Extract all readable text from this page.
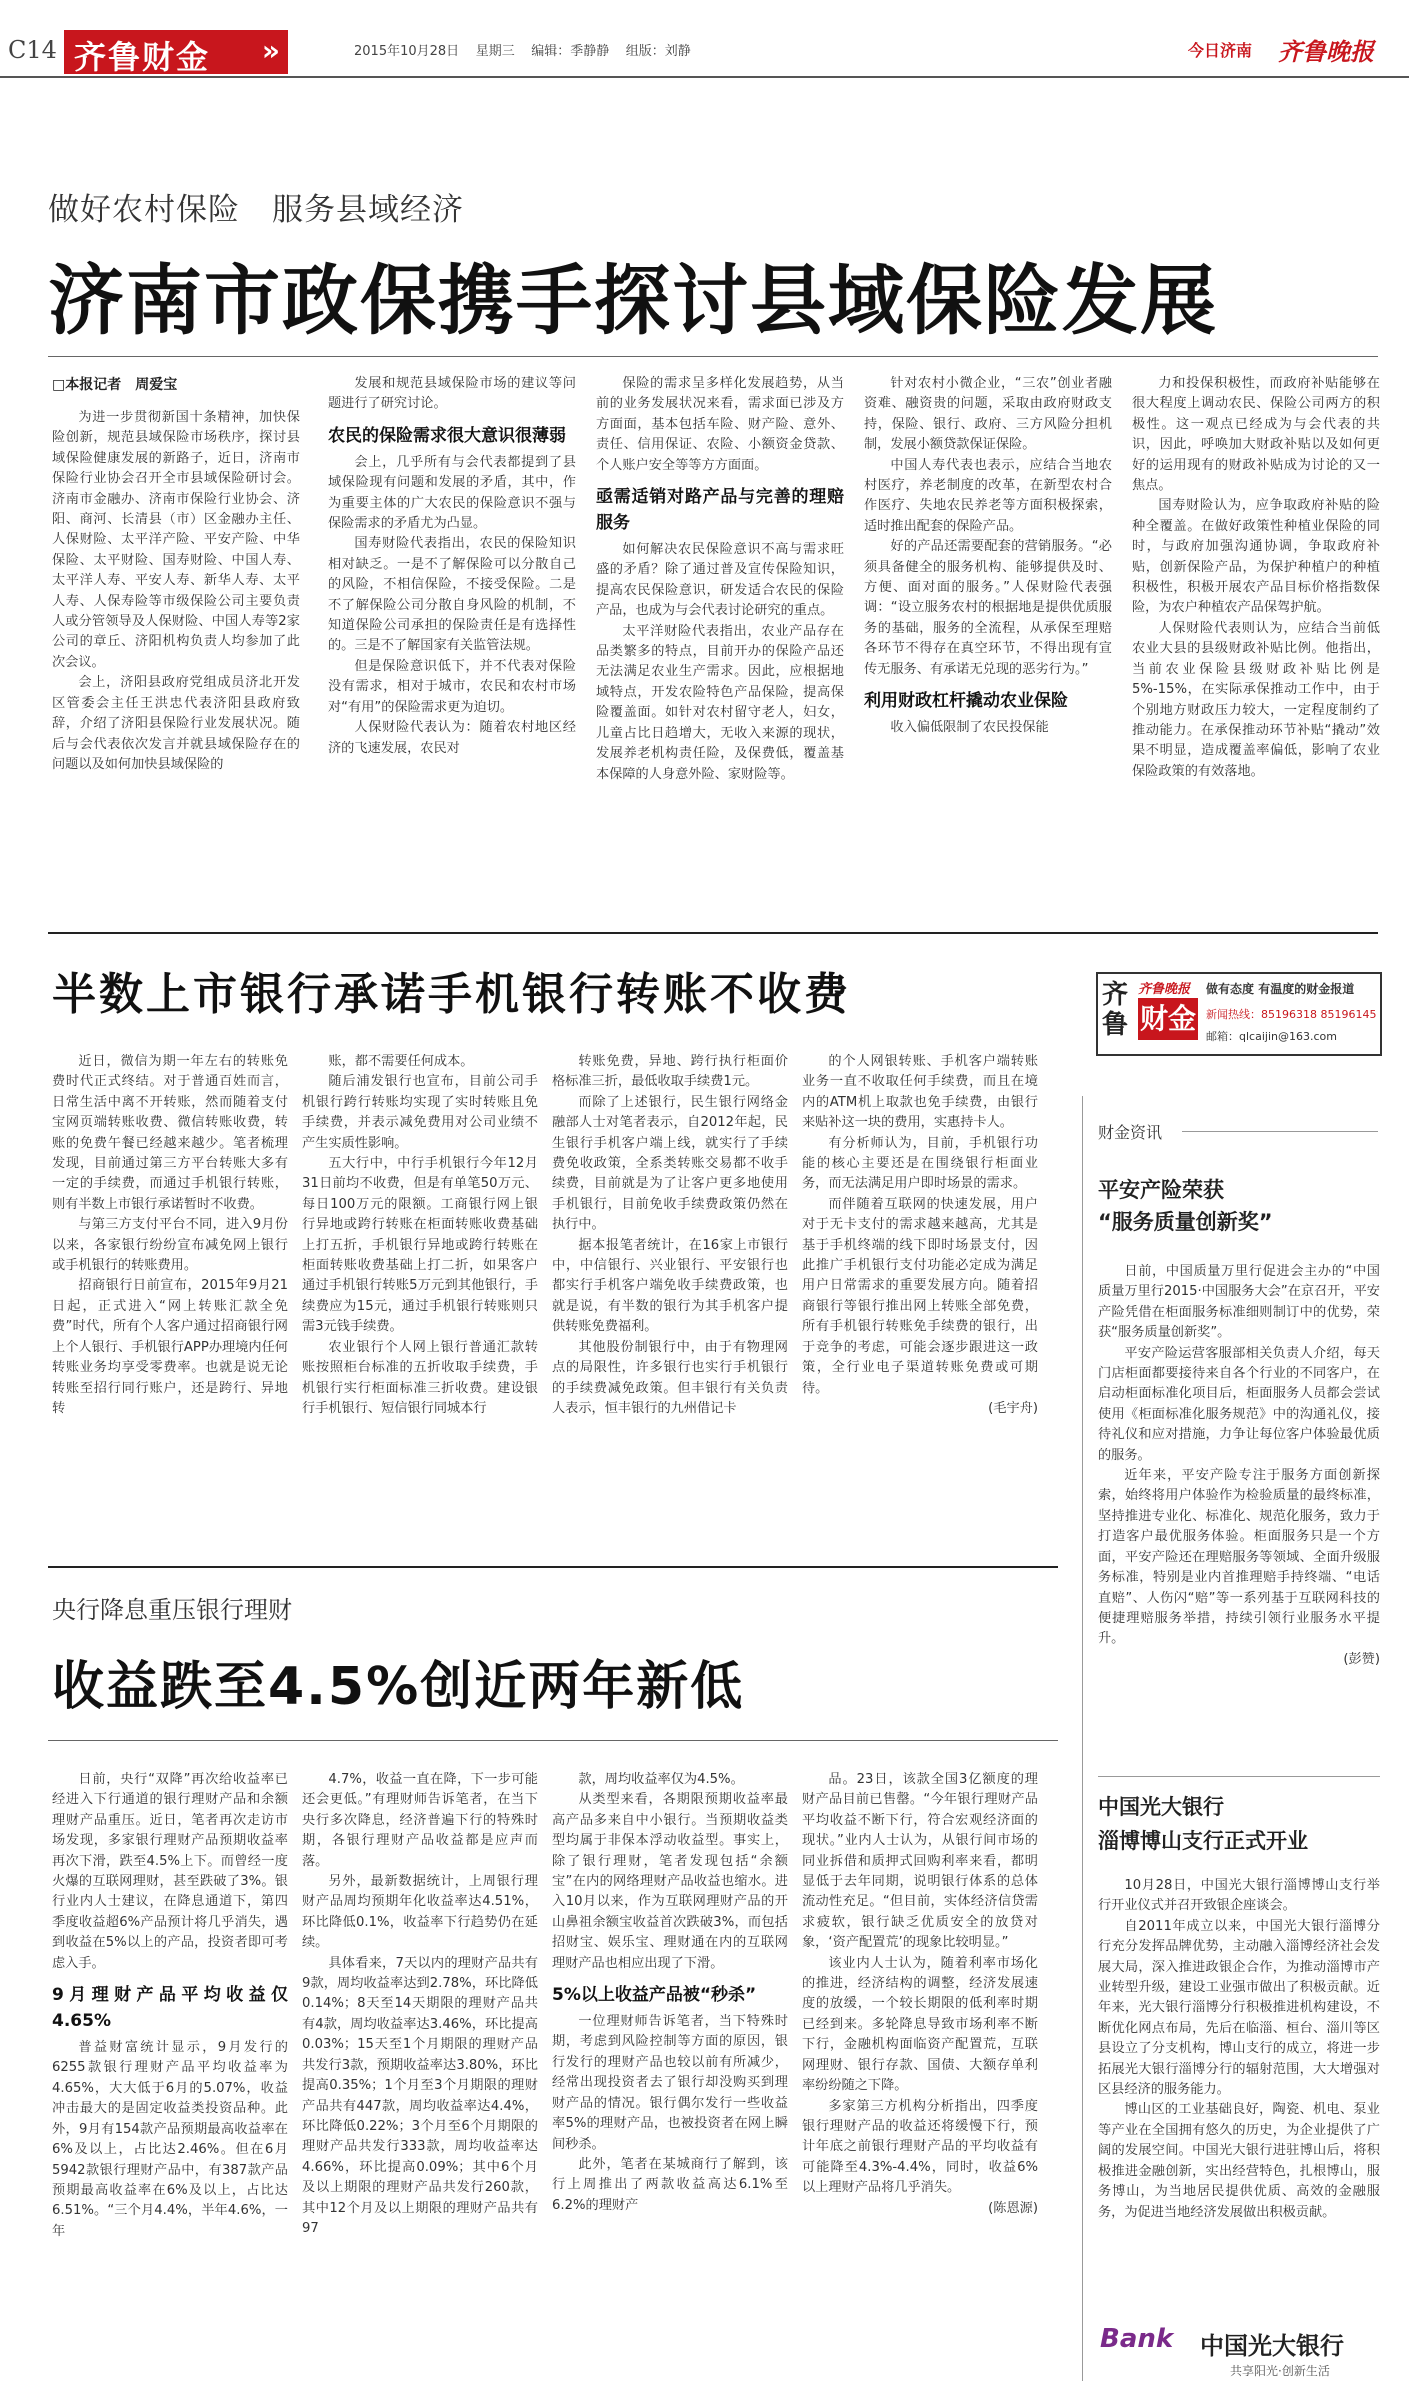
C14 齐鲁财金 »	2015年10月28日 星期三 编辑：季静静 组版：刘静	今日济南 齐鲁晚报
做好农村保险　服务县域经济
济南市政保携手探讨县域保险发展
□本报记者　周爱宝

为进一步贯彻新国十条精神，加快保险创新，规范县域保险市场秩序，探讨县域保险健康发展的新路子，近日，济南市保险行业协会召开全市县域保险研讨会。济南市金融办、济南市保险行业协会、济阳、商河、长清县（市）区金融办主任、人保财险、太平洋产险、平安产险、中华保险、太平财险、国寿财险、中国人寿、太平洋人寿、平安人寿、新华人寿、太平人寿、人保寿险等市级保险公司主要负责人或分管领导及人保财险、中国人寿等2家公司的章丘、济阳机构负责人均参加了此次会议。

会上，济阳县政府党组成员济北开发区管委会主任王洪忠代表济阳县政府致辞，介绍了济阳县保险行业发展状况。随后与会代表依次发言并就县域保险存在的问题以及如何加快县域保险的

发展和规范县域保险市场的建议等问题进行了研究讨论。

农民的保险需求很大意识很薄弱

会上，几乎所有与会代表都提到了县域保险现有问题和发展的矛盾，其中，作为重要主体的广大农民的保险意识不强与保险需求的矛盾尤为凸显。

国寿财险代表指出，农民的保险知识相对缺乏。一是不了解保险可以分散自己的风险，不相信保险，不接受保险。二是不了解保险公司分散自身风险的机制，不知道保险公司承担的保险责任是有选择性的。三是不了解国家有关监管法规。

但是保险意识低下，并不代表对保险没有需求，相对于城市，农民和农村市场对“有用”的保险需求更为迫切。

人保财险代表认为：随着农村地区经济的飞速发展，农民对

保险的需求呈多样化发展趋势，从当前的业务发展状况来看，需求面已涉及方方面面，基本包括车险、财产险、意外、责任、信用保证、农险、小额资金贷款、个人账户安全等等方方面面。

亟需适销对路产品与完善的理赔服务

如何解决农民保险意识不高与需求旺盛的矛盾？除了通过普及宣传保险知识，提高农民保险意识，研发适合农民的保险产品，也成为与会代表讨论研究的重点。

太平洋财险代表指出，农业产品存在品类繁多的特点，目前开办的保险产品还无法满足农业生产需求。因此，应根据地域特点，开发农险特色产品保险，提高保险覆盖面。如针对农村留守老人，妇女，儿童占比日趋增大，无收入来源的现状，发展养老机构责任险，及保费低，覆盖基本保障的人身意外险、家财险等。

针对农村小微企业，“三农”创业者融资难、融资贵的问题，采取由政府财政支持，保险、银行、政府、三方风险分担机制，发展小额贷款保证保险。

中国人寿代表也表示，应结合当地农村医疗，养老制度的改革，在新型农村合作医疗、失地农民养老等方面积极探索，适时推出配套的保险产品。

好的产品还需要配套的营销服务。“必须具备健全的服务机构、能够提供及时、方便、面对面的服务。”人保财险代表强调：“设立服务农村的根据地是提供优质服务的基础，服务的全流程，从承保至理赔各环节不得存在真空环节，不得出现有宣传无服务、有承诺无兑现的恶劣行为。”

利用财政杠杆撬动农业保险

收入偏低限制了农民投保能

力和投保积极性，而政府补贴能够在很大程度上调动农民、保险公司两方的积极性。这一观点已经成为与会代表的共识，因此，呼唤加大财政补贴以及如何更好的运用现有的财政补贴成为讨论的又一焦点。

国寿财险认为，应争取政府补贴的险种全覆盖。在做好政策性种植业保险的同时，与政府加强沟通协调，争取政府补贴，创新保险产品，为保护种植户的种植积极性，积极开展农产品目标价格指数保险，为农户种植农产品保驾护航。

人保财险代表则认为，应结合当前低农业大县的县级财政补贴比例。他指出，当前农业保险县级财政补贴比例是5%-15%，在实际承保推动工作中，由于个别地方财政压力较大，一定程度制约了推动能力。在承保推动环节补贴“撬动”效果不明显，造成覆盖率偏低，影响了农业保险政策的有效落地。

半数上市银行承诺手机银行转账不收费

近日，微信为期一年左右的转账免费时代正式终结。对于普通百姓而言，日常生活中离不开转账，然而随着支付宝网页端转账收费、微信转账收费，转账的免费午餐已经越来越少。笔者梳理发现，目前通过第三方平台转账大多有一定的手续费，而通过手机银行转账，则有半数上市银行承诺暂时不收费。

与第三方支付平台不同，进入9月份以来，各家银行纷纷宣布减免网上银行或手机银行的转账费用。

招商银行日前宣布，2015年9月21日起，正式进入“网上转账汇款全免费”时代，所有个人客户通过招商银行网上个人银行、手机银行APP办理境内任何转账业务均享受零费率。也就是说无论转账至招行同行账户，还是跨行、异地转

账，都不需要任何成本。

随后浦发银行也宣布，目前公司手机银行跨行转账均实现了实时转账且免手续费，并表示减免费用对公司业绩不产生实质性影响。

五大行中，中行手机银行今年12月31日前均不收费，但是有单笔50万元、每日100万元的限额。工商银行网上银行异地或跨行转账在柜面转账收费基础上打五折，手机银行异地或跨行转账在柜面转账收费基础上打二折，如果客户通过手机银行转账5万元到其他银行，手续费应为15元，通过手机银行转账则只需3元钱手续费。

农业银行个人网上银行普通汇款转账按照柜台标准的五折收取手续费，手机银行实行柜面标准三折收费。建设银行手机银行、短信银行同城本行

转账免费，异地、跨行执行柜面价格标准三折，最低收取手续费1元。

而除了上述银行，民生银行网络金融部人士对笔者表示，自2012年起，民生银行手机客户端上线，就实行了手续费免收政策，全系类转账交易都不收手续费，目前就是为了让客户更多地使用手机银行，目前免收手续费政策仍然在执行中。

据本报笔者统计，在16家上市银行中，中信银行、兴业银行、平安银行也都实行手机客户端免收手续费政策，也就是说，有半数的银行为其手机客户提供转账免费福利。

其他股份制银行中，由于有物理网点的局限性，许多银行也实行手机银行的手续费减免政策。但丰银行有关负责人表示，恒丰银行的九州借记卡

的个人网银转账、手机客户端转账业务一直不收取任何手续费，而且在境内的ATM机上取款也免手续费，由银行来贴补这一块的费用，实惠持卡人。

有分析师认为，目前，手机银行功能的核心主要还是在围绕银行柜面业务，而无法满足用户即时场景的需求。

而伴随着互联网的快速发展，用户对于无卡支付的需求越来越高，尤其是基于手机终端的线下即时场景支付，因此推广手机银行支付功能必定成为满足用户日常需求的重要发展方向。随着招商银行等银行推出网上转账全部免费，所有手机银行转账免手续费的银行，出于竞争的考虑，可能会逐步跟进这一政策，全行业电子渠道转账免费或可期待。

(毛宇舟)
齐
鲁
齐鲁晚报
财金
做有态度 有温度的财金报道
新闻热线：85196318 85196145
邮箱：qlcaijin@163.com
财金资讯
平安产险荣获
“服务质量创新奖”

日前，中国质量万里行促进会主办的“中国质量万里行2015·中国服务大会”在京召开，平安产险凭借在柜面服务标准细则制订中的优势，荣获“服务质量创新奖”。

平安产险运营客服部相关负责人介绍，每天门店柜面都要接待来自各个行业的不同客户，在启动柜面标准化项目后，柜面服务人员都会尝试使用《柜面标准化服务规范》中的沟通礼仪，接待礼仪和应对措施，力争让每位客户体验最优质的服务。

近年来，平安产险专注于服务方面创新探索，始终将用户体验作为检验质量的最终标准，坚持推进专业化、标准化、规范化服务，致力于打造客户最优服务体验。柜面服务只是一个方面，平安产险还在理赔服务等领域、全面升级服务标准，特别是业内首推理赔手持终端、“电话直赔”、人伤闪“赔”等一系列基于互联网科技的便捷理赔服务举措，持续引领行业服务水平提升。

(彭赞)
中国光大银行
淄博博山支行正式开业

10月28日，中国光大银行淄博博山支行举行开业仪式并召开致银企座谈会。

自2011年成立以来，中国光大银行淄博分行充分发挥品牌优势，主动融入淄博经济社会发展大局，深入推进政银企合作，为推动淄博市产业转型升级，建设工业强市做出了积极贡献。近年来，光大银行淄博分行积极推进机构建设，不断优化网点布局，先后在临淄、桓台、淄川等区县设立了分支机构，博山支行的成立，将进一步拓展光大银行淄博分行的辐射范围，大大增强对区县经济的服务能力。

博山区的工业基础良好，陶瓷、机电、泵业等产业在全国拥有悠久的历史，为企业提供了广阔的发展空间。中国光大银行进驻博山后，将积极推进金融创新，实出经营特色，扎根博山，服务博山，为当地居民提供优质、高效的金融服务，为促进当地经济发展做出积极贡献。

Bank 中国光大银行
共享阳光·创新生活
央行降息重压银行理财
收益跌至4.5%创近两年新低

日前，央行“双降”再次给收益率已经进入下行通道的银行理财产品和余额理财产品重压。近日，笔者再次走访市场发现，多家银行理财产品预期收益率再次下滑，跌至4.5%上下。而曾经一度火爆的互联网理财，甚至跌破了3%。银行业内人士建议，在降息通道下，第四季度收益超6%产品预计将几乎消失，遇到收益在5%以上的产品，投资者即可考虑入手。

9月理财产品平均收益仅4.65%

普益财富统计显示，9月发行的6255款银行理财产品平均收益率为4.65%，大大低于6月的5.07%，收益冲击最大的是固定收益类投资品种。此外，9月有154款产品预期最高收益率在6%及以上，占比达2.46%。但在6月5942款银行理财产品中，有387款产品预期最高收益率在6%及以上，占比达6.51%。“三个月4.4%，半年4.6%，一年

4.7%，收益一直在降，下一步可能还会更低。”有理财师告诉笔者，在当下央行多次降息，经济普遍下行的特殊时期，各银行理财产品收益都是应声而落。

另外，最新数据统计，上周银行理财产品周均预期年化收益率达4.51%，环比降低0.1%，收益率下行趋势仍在延续。

具体看来，7天以内的理财产品共有9款，周均收益率达到2.78%，环比降低0.14%；8天至14天期限的理财产品共有4款，周均收益率达3.46%，环比提高0.03%；15天至1个月期限的理财产品共发行3款，预期收益率达3.80%，环比提高0.35%；1个月至3个月期限的理财产品共有447款，周均收益率达4.4%，环比降低0.22%；3个月至6个月期限的理财产品共发行333款，周均收益率达4.66%，环比提高0.09%；其中6个月及以上期限的理财产品共发行260款，其中12个月及以上期限的理财产品共有97

款，周均收益率仅为4.5%。

从类型来看，各期限预期收益率最高产品多来自中小银行。当预期收益类型均属于非保本浮动收益型。事实上，除了银行理财，笔者发现包括“余额宝”在内的网络理财产品收益也缩水。进入10月以来，作为互联网理财产品的开山鼻祖余额宝收益首次跌破3%，而包括招财宝、娱乐宝、理财通在内的互联网理财产品也相应出现了下滑。

5%以上收益产品被“秒杀”

一位理财师告诉笔者，当下特殊时期，考虑到风险控制等方面的原因，银行发行的理财产品也较以前有所减少，经常出现投资者去了银行却没购买到理财产品的情况。银行偶尔发行一些收益率5%的理财产品，也被投资者在网上瞬间秒杀。

此外，笔者在某城商行了解到，该行上周推出了两款收益高达6.1%至6.2%的理财产

品。23日，该款全国3亿额度的理财产品目前已售罄。“今年银行理财产品平均收益不断下行，符合宏观经济面的现状。”业内人士认为，从银行间市场的同业拆借和质押式回购利率来看，都明显低于去年同期，说明银行体系的总体流动性充足。“但目前，实体经济信贷需求疲软，银行缺乏优质安全的放贷对象，‘资产配置荒’的现象比较明显。”

该业内人士认为，随着利率市场化的推进，经济结构的调整，经济发展速度的放缓，一个较长期限的低利率时期已经到来。多轮降息导致市场利率不断下行，金融机构面临资产配置荒，互联网理财、银行存款、国债、大额存单利率纷纷随之下降。

多家第三方机构分析指出，四季度银行理财产品的收益还将缓慢下行，预计年底之前银行理财产品的平均收益有可能降至4.3%-4.4%，同时，收益6%以上理财产品将几乎消失。

(陈恩源)
